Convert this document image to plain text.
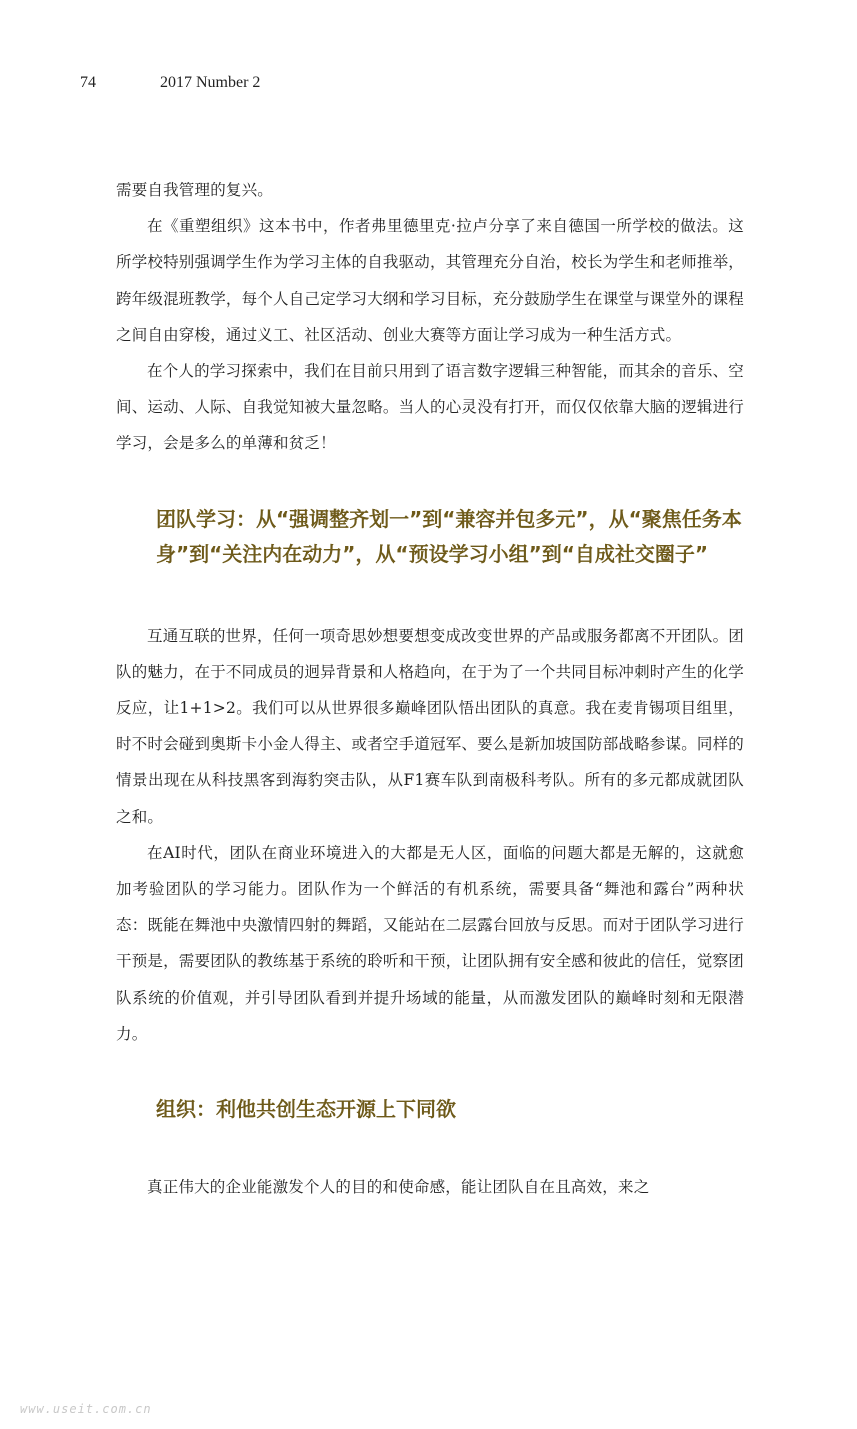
74	2017 Number 2

需要自我管理的复兴。

在《重塑组织》这本书中，作者弗里德里克·拉卢分享了来自德国一所学校的做法。这所学校特别强调学生作为学习主体的自我驱动，其管理充分自治，校长为学生和老师推举，跨年级混班教学，每个人自己定学习大纲和学习目标，充分鼓励学生在课堂与课堂外的课程之间自由穿梭，通过义工、社区活动、创业大赛等方面让学习成为一种生活方式。

在个人的学习探索中，我们在目前只用到了语言数字逻辑三种智能，而其余的音乐、空间、运动、人际、自我觉知被大量忽略。当人的心灵没有打开，而仅仅依靠大脑的逻辑进行学习，会是多么的单薄和贫乏！

团队学习：从“强调整齐划一”到“兼容并包多元”，从“聚焦任务本身”到“关注内在动力”，从“预设学习小组”到“自成社交圈子”

互通互联的世界，任何一项奇思妙想要想变成改变世界的产品或服务都离不开团队。团队的魅力，在于不同成员的迥异背景和人格趋向，在于为了一个共同目标冲刺时产生的化学反应，让1+1>2。我们可以从世界很多巅峰团队悟出团队的真意。我在麦肯锡项目组里，时不时会碰到奥斯卡小金人得主、或者空手道冠军、要么是新加坡国防部战略参谋。同样的情景出现在从科技黑客到海豹突击队，从F1赛车队到南极科考队。所有的多元都成就团队之和。

在AI时代，团队在商业环境进入的大都是无人区，面临的问题大都是无解的，这就愈加考验团队的学习能力。团队作为一个鲜活的有机系统，需要具备“舞池和露台”两种状态：既能在舞池中央激情四射的舞蹈，又能站在二层露台回放与反思。而对于团队学习进行干预是，需要团队的教练基于系统的聆听和干预，让团队拥有安全感和彼此的信任，觉察团队系统的价值观，并引导团队看到并提升场域的能量，从而激发团队的巅峰时刻和无限潜力。

组织：利他共创生态开源上下同欲

真正伟大的企业能激发个人的目的和使命感，能让团队自在且高效，来之

www.useit.com.cn
